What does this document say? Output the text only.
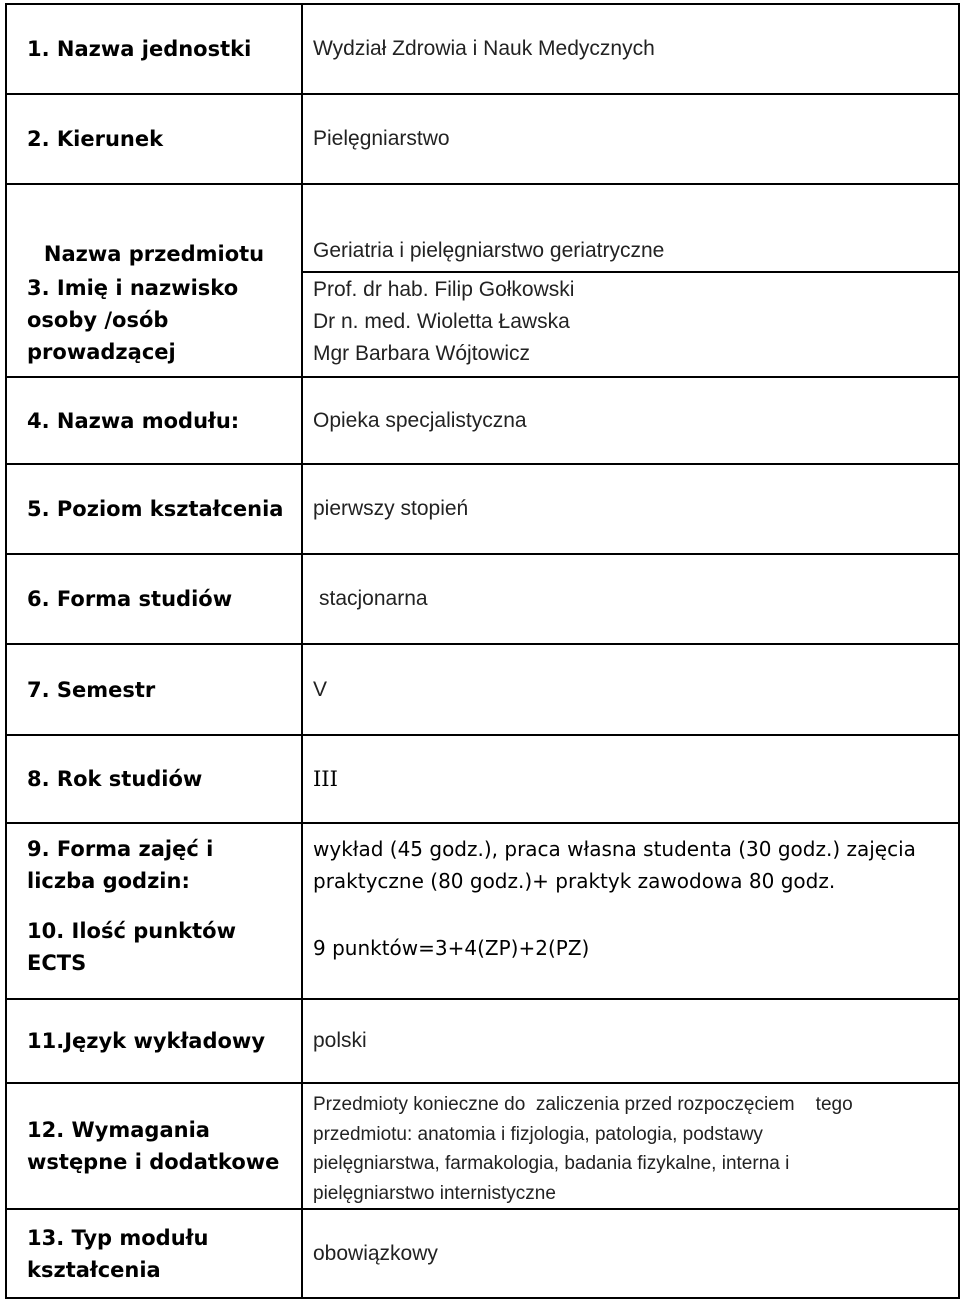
1. Nazwa jednostki	Wydział Zdrowia i Nauk Medycznych
2. Kierunek	Pielęgniarstwo
Nazwa przedmiotu	Geriatria i pielęgniarstwo geriatryczne

3. Imię i nazwisko
osoby /osób
prowadzącej	Prof. dr hab. Filip Gołkowski
Dr n. med. Wioletta Ławska
Mgr Barbara Wójtowicz

4. Nazwa modułu:	Opieka specjalistyczna
5. Poziom kształcenia	pierwszy stopień
6. Forma studiów	stacjonarna
7. Semestr	V
8. Rok studiów	III

9. Forma zajęć i
liczba godzin:	wykład (45 godz.), praca własna studenta (30 godz.) zajęcia
praktyczne (80 godz.)+ praktyk zawodowa 80 godz.

10. Ilość punktów
ECTS	9 punktów=3+4(ZP)+2(PZ)
11.Język wykładowy	polski

12. Wymagania
wstępne i dodatkowe	Przedmioty konieczne do  zaliczenia przed rozpoczęciem    tego
przedmiotu: anatomia i fizjologia, patologia, podstawy
pielęgniarstwa, farmakologia, badania fizykalne, interna i
pielęgniarstwo internistyczne

13. Typ modułu
kształcenia	obowiązkowy
